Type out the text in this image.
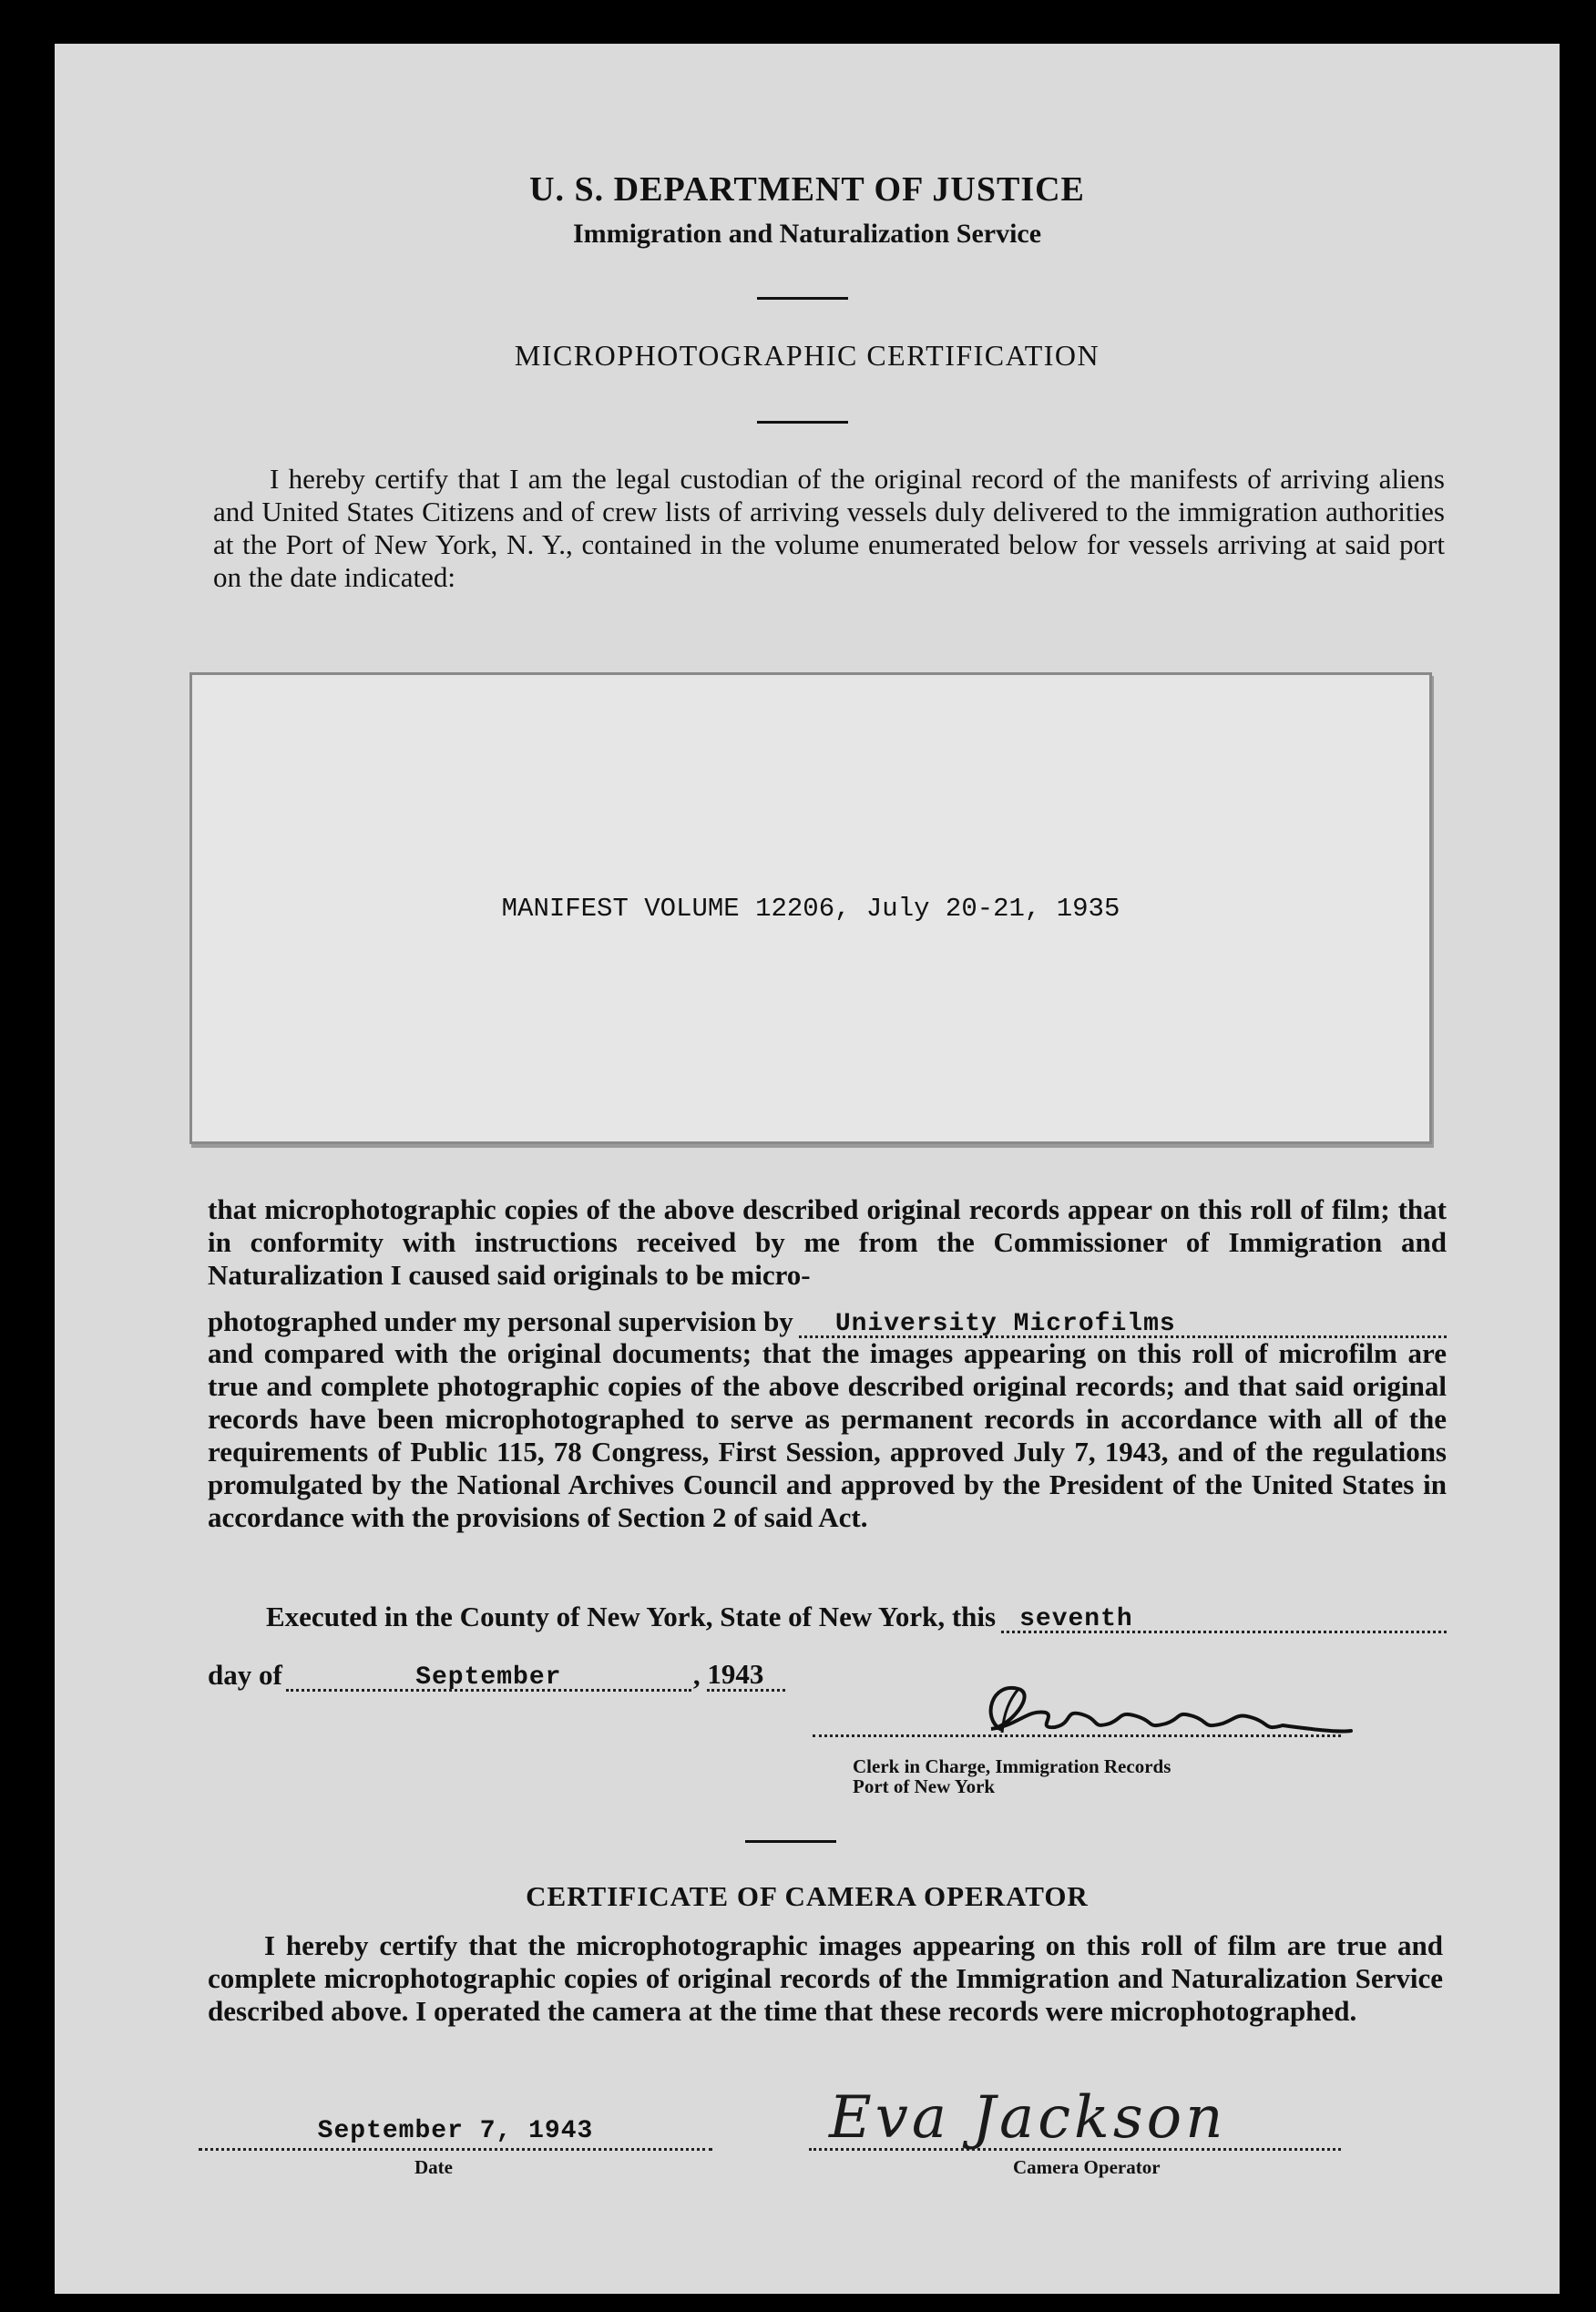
U. S. DEPARTMENT OF JUSTICE
Immigration and Naturalization Service
MICROPHOTOGRAPHIC CERTIFICATION
I hereby certify that I am the legal custodian of the original record of the manifests of arriving aliens and United States Citizens and of crew lists of arriving vessels duly delivered to the immigration authorities at the Port of New York, N. Y., contained in the volume enumerated below for vessels arriving at said port on the date indicated:
MANIFEST VOLUME 12206, July 20-21, 1935
that microphotographic copies of the above described original records appear on this roll of film; that in conformity with instructions received by me from the Commissioner of Immigration and Naturalization I caused said originals to be micro-
photographed under my personal supervision by	University Microfilms
and compared with the original documents; that the images appearing on this roll of microfilm are true and complete photographic copies of the above described original records; and that said original records have been microphotographed to serve as permanent records in accordance with all of the requirements of Public 115, 78 Congress, First Session, approved July 7, 1943, and of the regulations promulgated by the National Archives Council and approved by the President of the United States in accordance with the provisions of Section 2 of said Act.
Executed in the County of New York, State of New York, this seventh
day of	September	, 1943
Clerk in Charge, Immigration Records
Port of New York
CERTIFICATE OF CAMERA OPERATOR
I hereby certify that the microphotographic images appearing on this roll of film are true and complete microphotographic copies of original records of the Immigration and Naturalization Service described above. I operated the camera at the time that these records were microphotographed.
September 7, 1943
Date
Eva Jackson
Camera Operator
